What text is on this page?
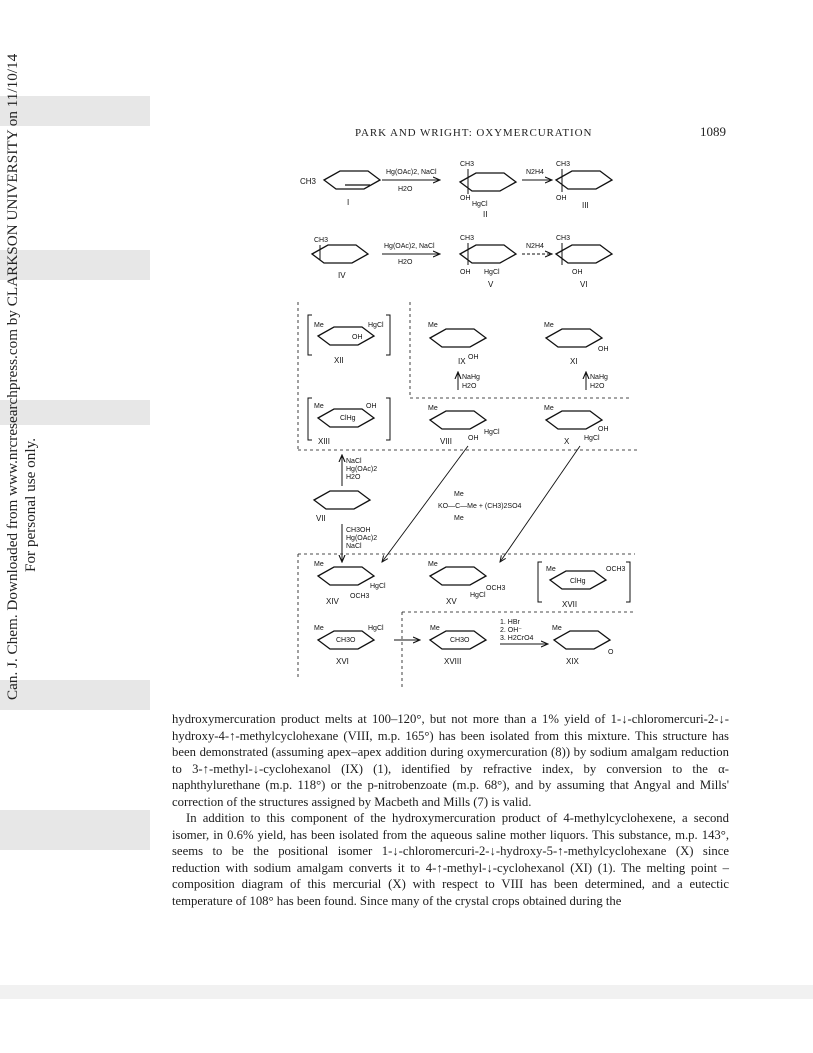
Can. J. Chem. Downloaded from www.nrcresearchpress.com by CLARKSON UNIVERSITY on 11/10/14 For personal use only.
PARK AND WRIGHT: OXYMERCURATION	1089
CH3
I
Hg(OAc)2, NaCl
H2O
CH3
OH
HgCl
II
N2H4
CH3
OH
III
CH3
IV
Hg(OAc)2, NaCl
H2O
CH3
OH HgCl
V
N2H4
CH3
OH
VI
Me	HgCl
OH
XII
Me
OH
IX
NaHg
H2O
Me
OH
XI
NaHg
H2O
Me	OH
ClHg
XIII
Me
HgCl
OH
VIII
Me
OH
HgCl
X
NaCl
Hg(OAc)2
H2O
VII
CH3OH
Hg(OAc)2
NaCl
Me
KO—C—Me + (CH3)2SO4
Me
Me
HgCl
OCH3
XIV
Me
OCH3
HgCl
XV
Me	OCH3
ClHg
XVII
Me	HgCl
CH3O
XVI
Me
CH3O
XVIII
1. HBr
2. OH⁻
3. H2CrO4
Me
O
XIX

hydroxymercuration product melts at 100–120°, but not more than a 1% yield of 1-↓-chloromercuri-2-↓-hydroxy-4-↑-methylcyclohexane (VIII, m.p. 165°) has been isolated from this mixture. This structure has been demonstrated (assuming apex–apex addition during oxymercuration (8)) by sodium amalgam reduction to 3-↑-methyl-↓-cyclohexanol (IX) (1), identified by refractive index, by conversion to the α-naphthylurethane (m.p. 118°) or the p-nitrobenzoate (m.p. 68°), and by assuming that Angyal and Mills' correction of the structures assigned by Macbeth and Mills (7) is valid.

In addition to this component of the hydroxymercuration product of 4-methylcyclohexene, a second isomer, in 0.6% yield, has been isolated from the aqueous saline mother liquors. This substance, m.p. 143°, seems to be the positional isomer 1-↓-chloromercuri-2-↓-hydroxy-5-↑-methylcyclohexane (X) since reduction with sodium amalgam converts it to 4-↑-methyl-↓-cyclohexanol (XI) (1). The melting point – composition diagram of this mercurial (X) with respect to VIII has been determined, and a eutectic temperature of 108° has been found. Since many of the crystal crops obtained during the
